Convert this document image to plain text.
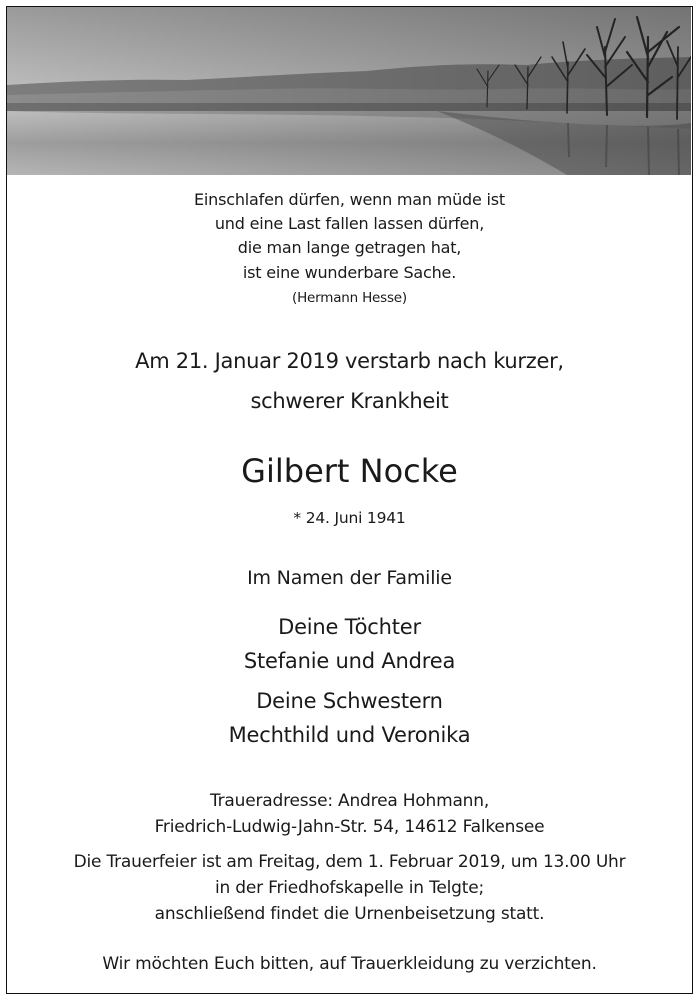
Einschlafen dürfen, wenn man müde ist
und eine Last fallen lassen dürfen,
die man lange getragen hat,
ist eine wunderbare Sache.
(Hermann Hesse)
Am 21. Januar 2019 verstarb nach kurzer,
schwerer Krankheit
Gilbert Nocke
* 24. Juni 1941
Im Namen der Familie
Deine Töchter
Stefanie und Andrea
Deine Schwestern
Mechthild und Veronika
Traueradresse: Andrea Hohmann,
Friedrich-Ludwig-Jahn-Str. 54, 14612 Falkensee
Die Trauerfeier ist am Freitag, dem 1. Februar 2019, um 13.00 Uhr
in der Friedhofskapelle in Telgte;
anschließend findet die Urnenbeisetzung statt.
Wir möchten Euch bitten, auf Trauerkleidung zu verzichten.
